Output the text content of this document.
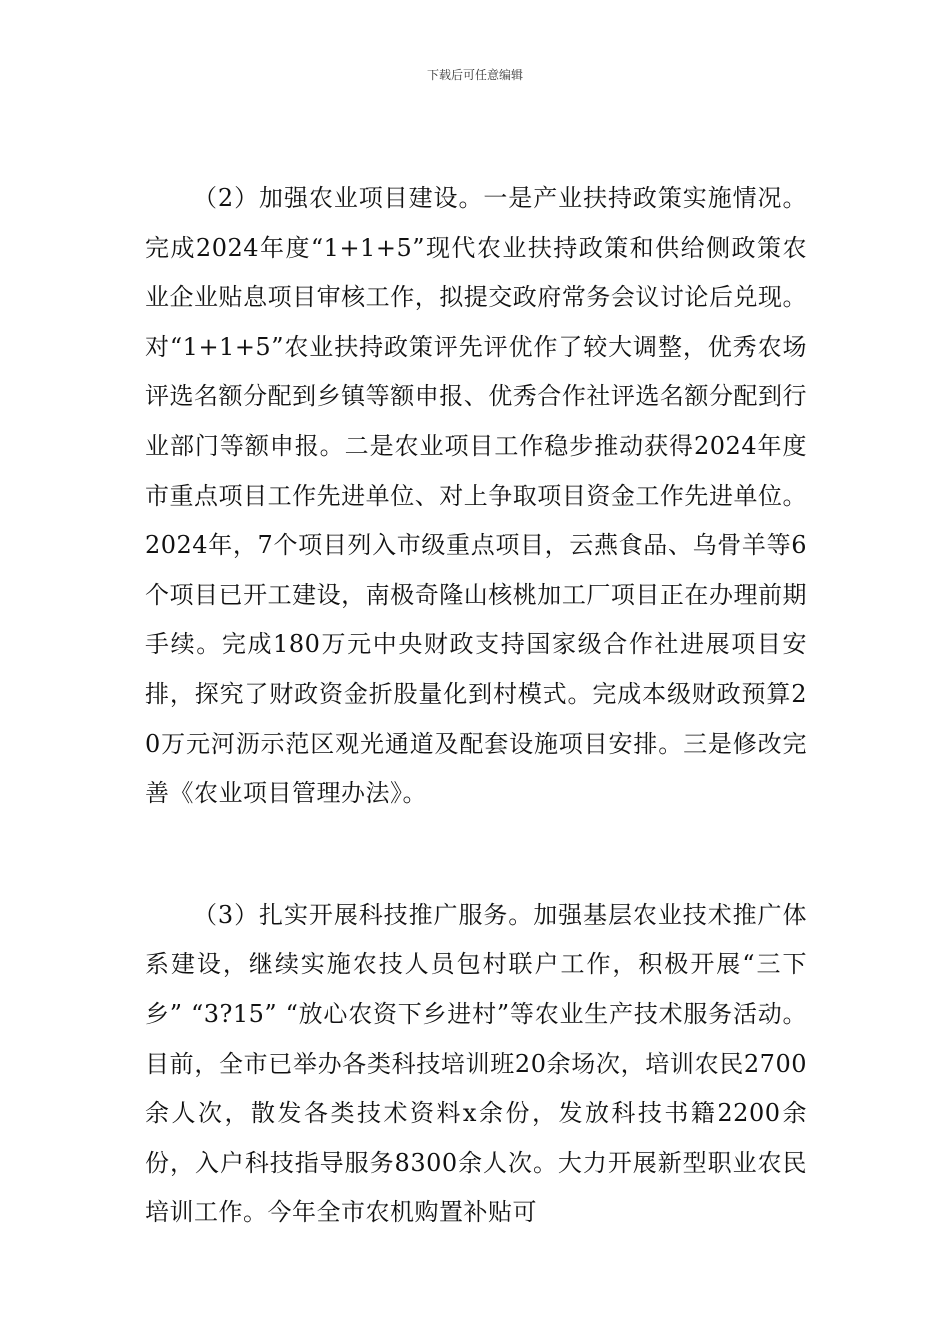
下载后可任意编辑

（2）加强农业项目建设。一是产业扶持政策实施情况。完成2024年度“1+1+5”现代农业扶持政策和供给侧政策农业企业贴息项目审核工作，拟提交政府常务会议讨论后兑现。对“1+1+5”农业扶持政策评先评优作了较大调整，优秀农场评选名额分配到乡镇等额申报、优秀合作社评选名额分配到行业部门等额申报。二是农业项目工作稳步推动获得2024年度市重点项目工作先进单位、对上争取项目资金工作先进单位。2024年，7个项目列入市级重点项目，云燕食品、乌骨羊等6个项目已开工建设，南极奇隆山核桃加工厂项目正在办理前期手续。完成180万元中央财政支持国家级合作社进展项目安排，探究了财政资金折股量化到村模式。完成本级财政预算20万元河沥示范区观光通道及配套设施项目安排。三是修改完善《农业项目管理办法》。

（3）扎实开展科技推广服务。加强基层农业技术推广体系建设，继续实施农技人员包村联户工作，积极开展“三下乡” “3?15” “放心农资下乡进村”等农业生产技术服务活动。目前，全市已举办各类科技培训班20余场次，培训农民2700余人次，散发各类技术资料x余份，发放科技书籍2200余份，入户科技指导服务8300余人次。大力开展新型职业农民培训工作。今年全市农机购置补贴可
